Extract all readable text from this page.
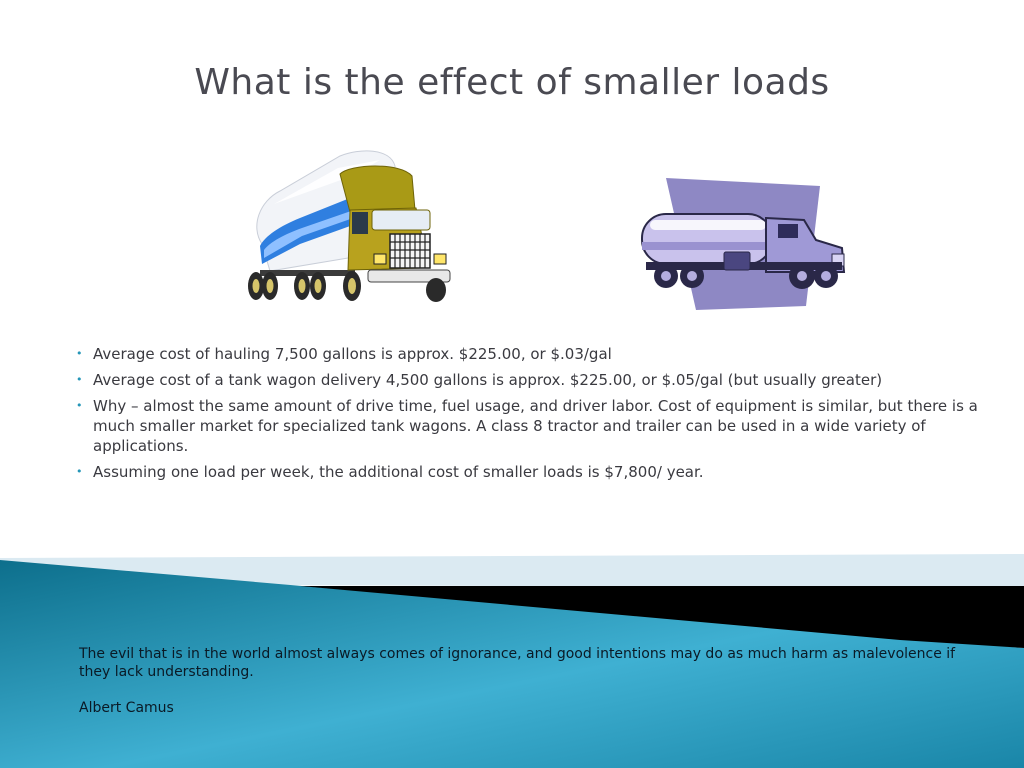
What is the effect of smaller loads
• Average cost of hauling 7,500 gallons is approx. $225.00, or $.03/gal
• Average cost of a tank wagon delivery 4,500 gallons is approx. $225.00, or $.05/gal (but usually greater)
• Why – almost the same amount of drive time, fuel usage, and driver labor. Cost of equipment is similar, but there is a much smaller market for specialized tank wagons. A class 8 tractor and trailer can be used in a wide variety of applications.
• Assuming one load per week, the additional cost of smaller loads is $7,800/ year.

The evil that is in the world almost always comes of ignorance, and good intentions may do as much harm as malevolence if they lack understanding.

Albert Camus
